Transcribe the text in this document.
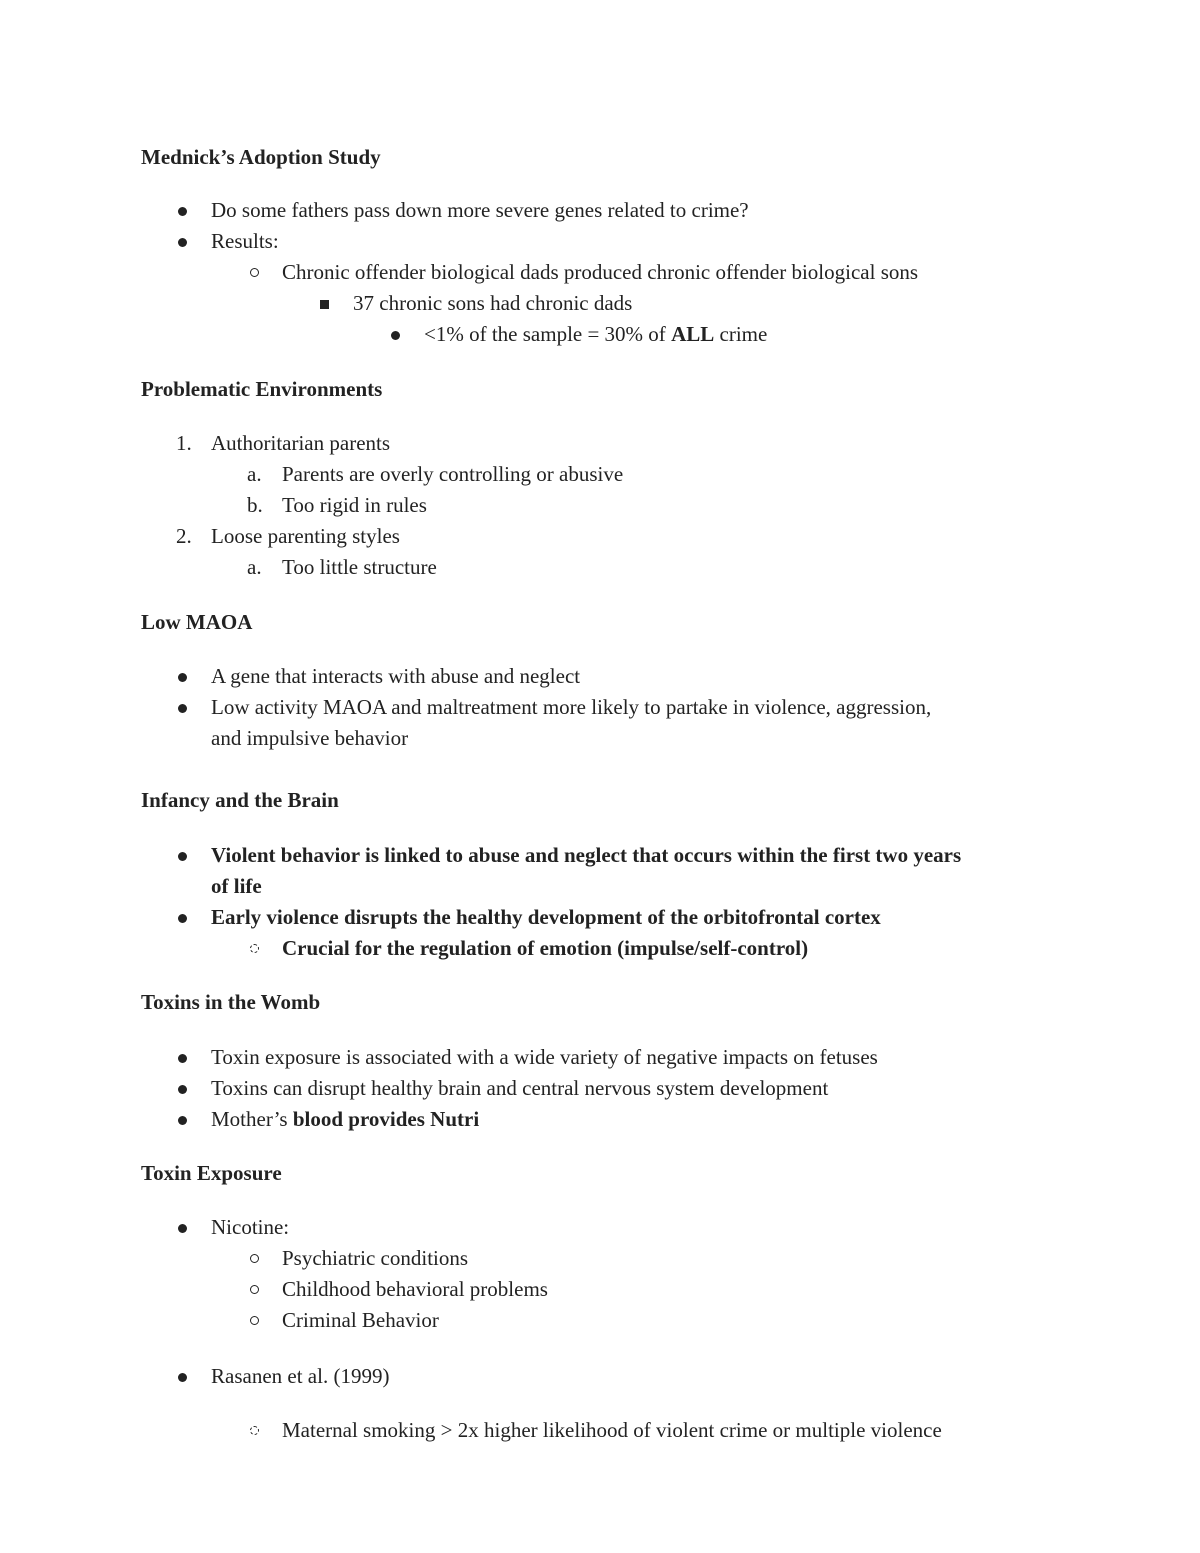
Mednick’s Adoption Study
Do some fathers pass down more severe genes related to crime?
Results:
Chronic offender biological dads produced chronic offender biological sons
37 chronic sons had chronic dads
<1% of the sample = 30% of ALL crime
Problematic Environments
1. Authoritarian parents
a. Parents are overly controlling or abusive
b. Too rigid in rules
2. Loose parenting styles
a. Too little structure
Low MAOA
A gene that interacts with abuse and neglect
Low activity MAOA and maltreatment more likely to partake in violence, aggression,
and impulsive behavior
Infancy and the Brain
Violent behavior is linked to abuse and neglect that occurs within the first two years
of life
Early violence disrupts the healthy development of the orbitofrontal cortex
Crucial for the regulation of emotion (impulse/self-control)
Toxins in the Womb
Toxin exposure is associated with a wide variety of negative impacts on fetuses
Toxins can disrupt healthy brain and central nervous system development
Mother’s blood provides Nutri
Toxin Exposure
Nicotine:
Psychiatric conditions
Childhood behavioral problems
Criminal Behavior
Rasanen et al. (1999)
Maternal smoking > 2x higher likelihood of violent crime or multiple violence
